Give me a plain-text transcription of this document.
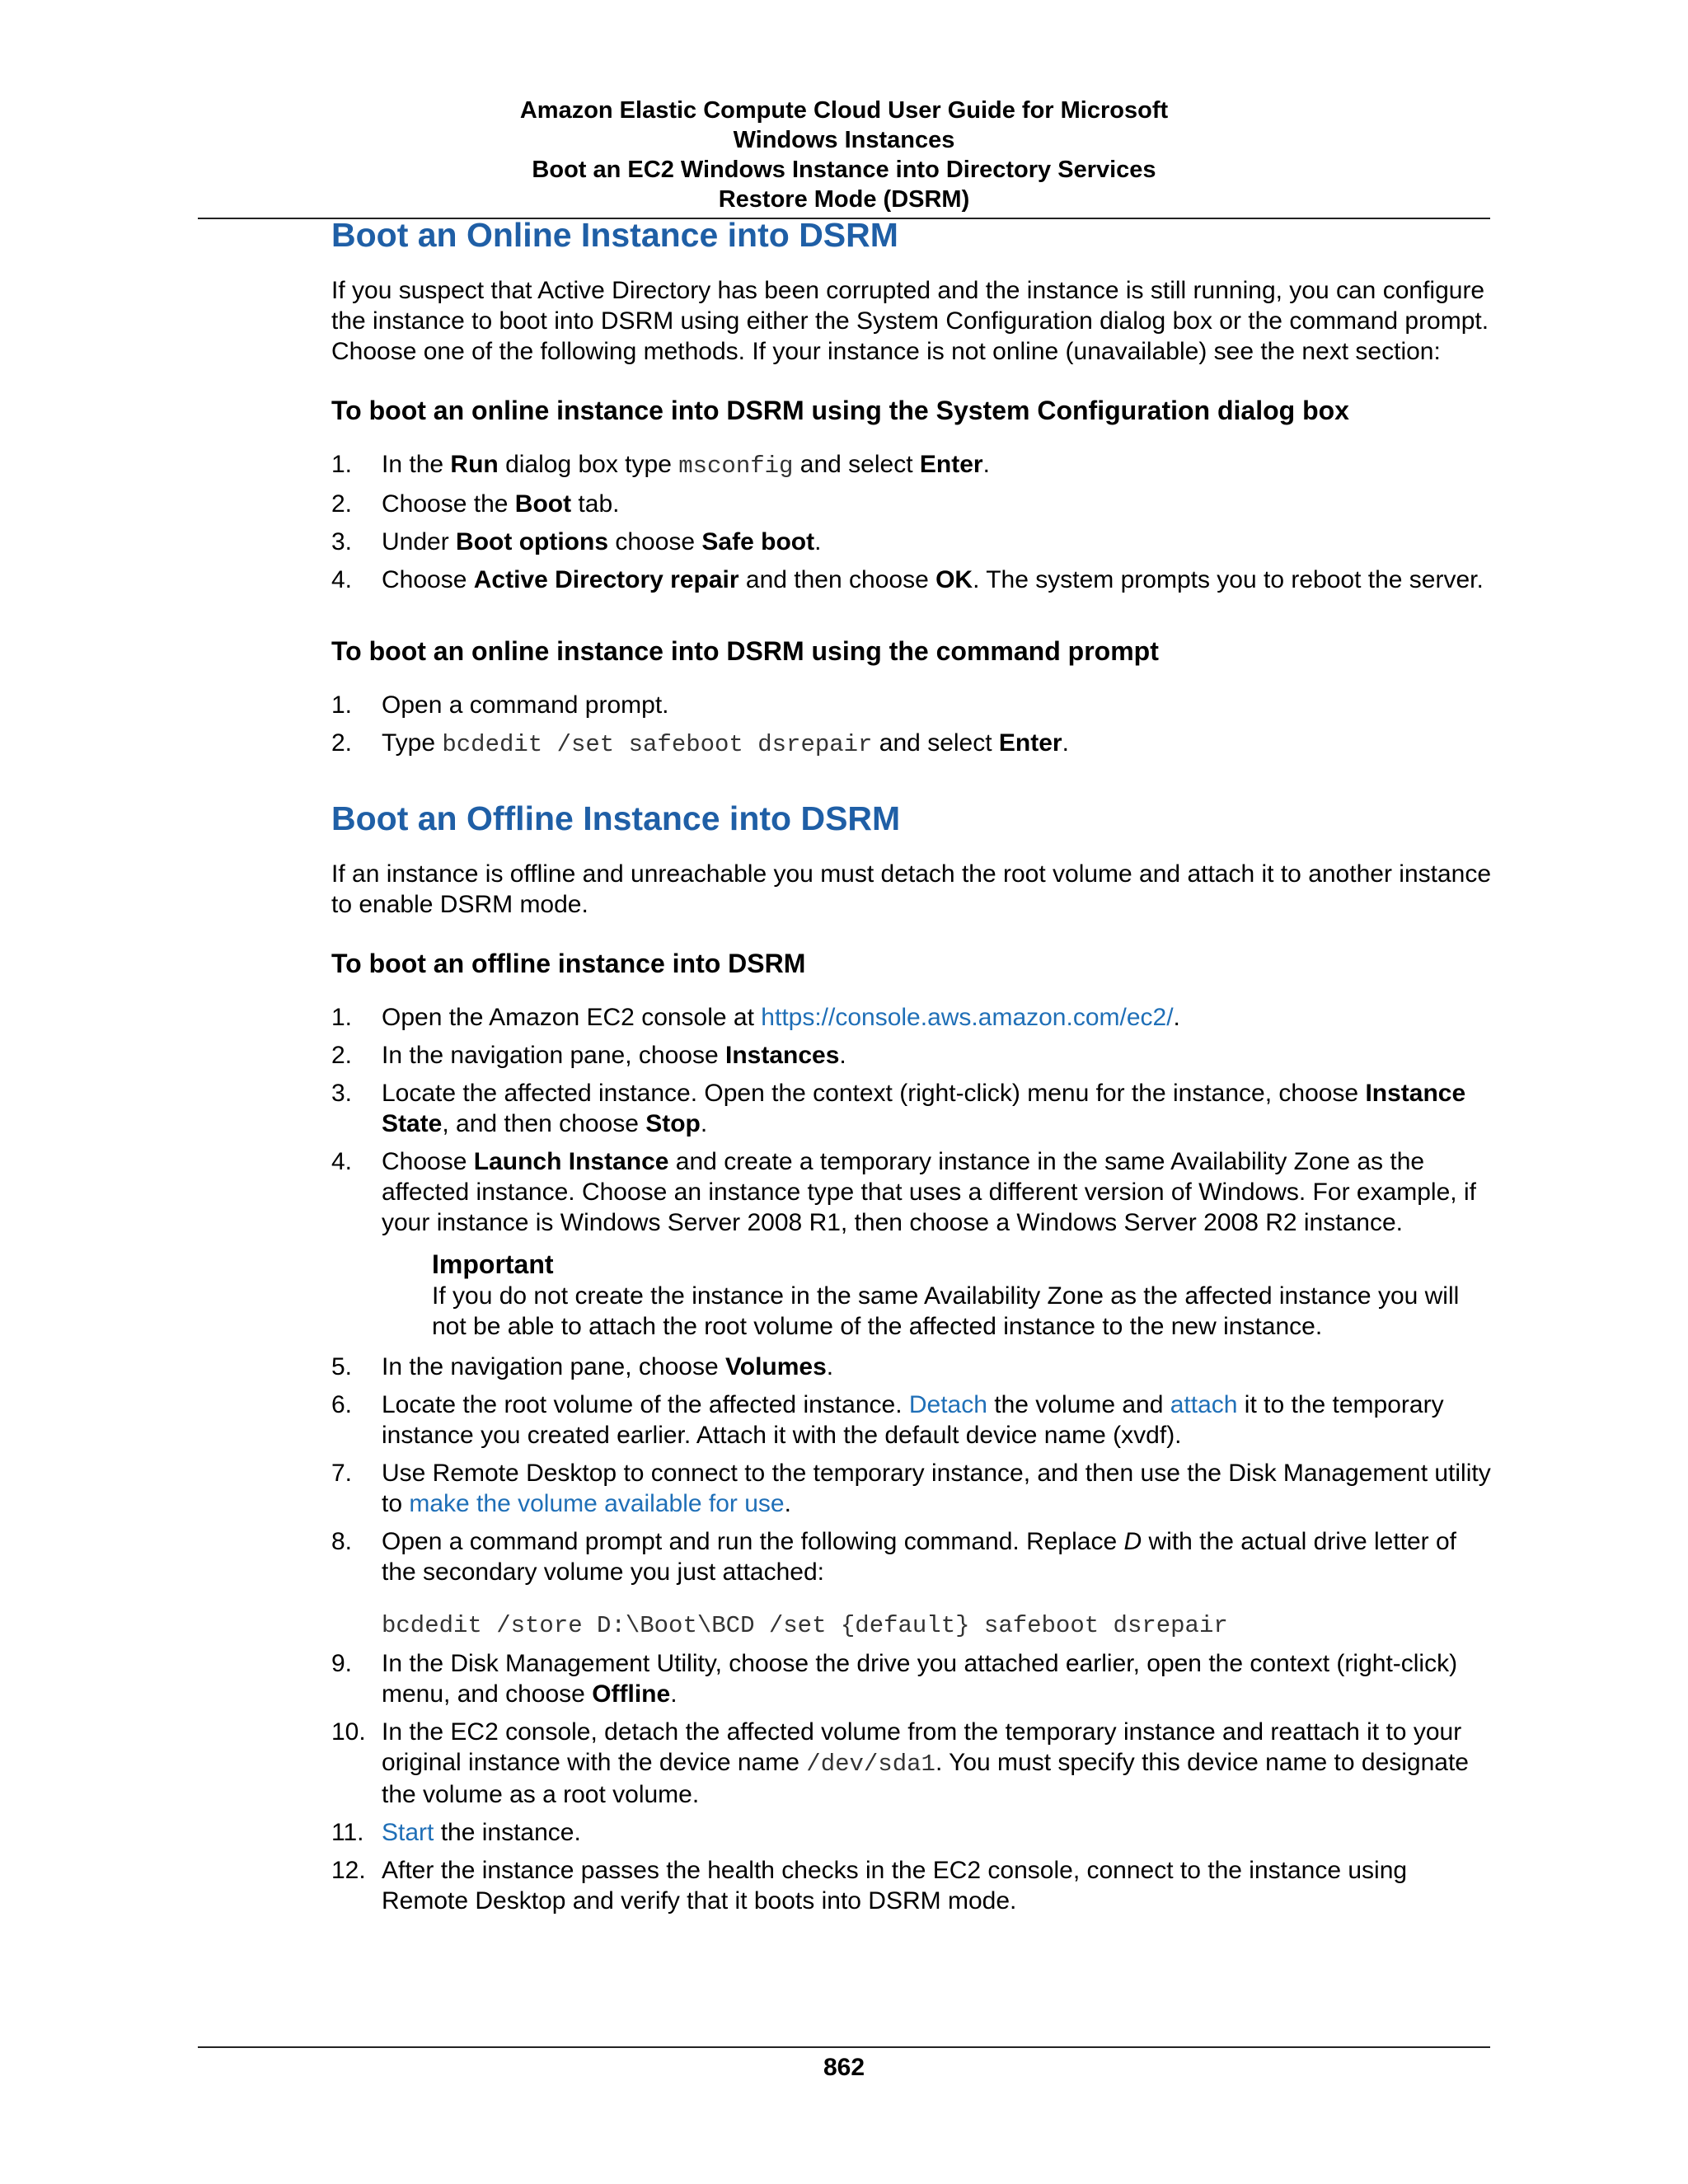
Amazon Elastic Compute Cloud User Guide for Microsoft
Windows Instances
Boot an EC2 Windows Instance into Directory Services
Restore Mode (DSRM)
Boot an Online Instance into DSRM

If you suspect that Active Directory has been corrupted and the instance is still running, you can configure the instance to boot into DSRM using either the System Configuration dialog box or the command prompt. Choose one of the following methods. If your instance is not online (unavailable) see the next section:

To boot an online instance into DSRM using the System Configuration dialog box
1. In the Run dialog box type msconfig and select Enter.
2. Choose the Boot tab.
3. Under Boot options choose Safe boot.
4. Choose Active Directory repair and then choose OK. The system prompts you to reboot the server.
To boot an online instance into DSRM using the command prompt
1. Open a command prompt.
2. Type bcdedit /set safeboot dsrepair and select Enter.
Boot an Offline Instance into DSRM

If an instance is offline and unreachable you must detach the root volume and attach it to another instance to enable DSRM mode.

To boot an offline instance into DSRM
1. Open the Amazon EC2 console at https://console.aws.amazon.com/ec2/.
2. In the navigation pane, choose Instances.
3. Locate the affected instance. Open the context (right-click) menu for the instance, choose Instance State, and then choose Stop.
4. Choose Launch Instance and create a temporary instance in the same Availability Zone as the affected instance. Choose an instance type that uses a different version of Windows. For example, if your instance is Windows Server 2008 R1, then choose a Windows Server 2008 R2 instance.
Important
If you do not create the instance in the same Availability Zone as the affected instance you will not be able to attach the root volume of the affected instance to the new instance.
5. In the navigation pane, choose Volumes.
6. Locate the root volume of the affected instance. Detach the volume and attach it to the temporary instance you created earlier. Attach it with the default device name (xvdf).
7. Use Remote Desktop to connect to the temporary instance, and then use the Disk Management utility to make the volume available for use.
8. Open a command prompt and run the following command. Replace D with the actual drive letter of the secondary volume you just attached:
bcdedit /store D:\Boot\BCD /set {default} safeboot dsrepair
9. In the Disk Management Utility, choose the drive you attached earlier, open the context (right-click) menu, and choose Offline.
10. In the EC2 console, detach the affected volume from the temporary instance and reattach it to your original instance with the device name /dev/sda1. You must specify this device name to designate the volume as a root volume.
11. Start the instance.
12. After the instance passes the health checks in the EC2 console, connect to the instance using Remote Desktop and verify that it boots into DSRM mode.
862
